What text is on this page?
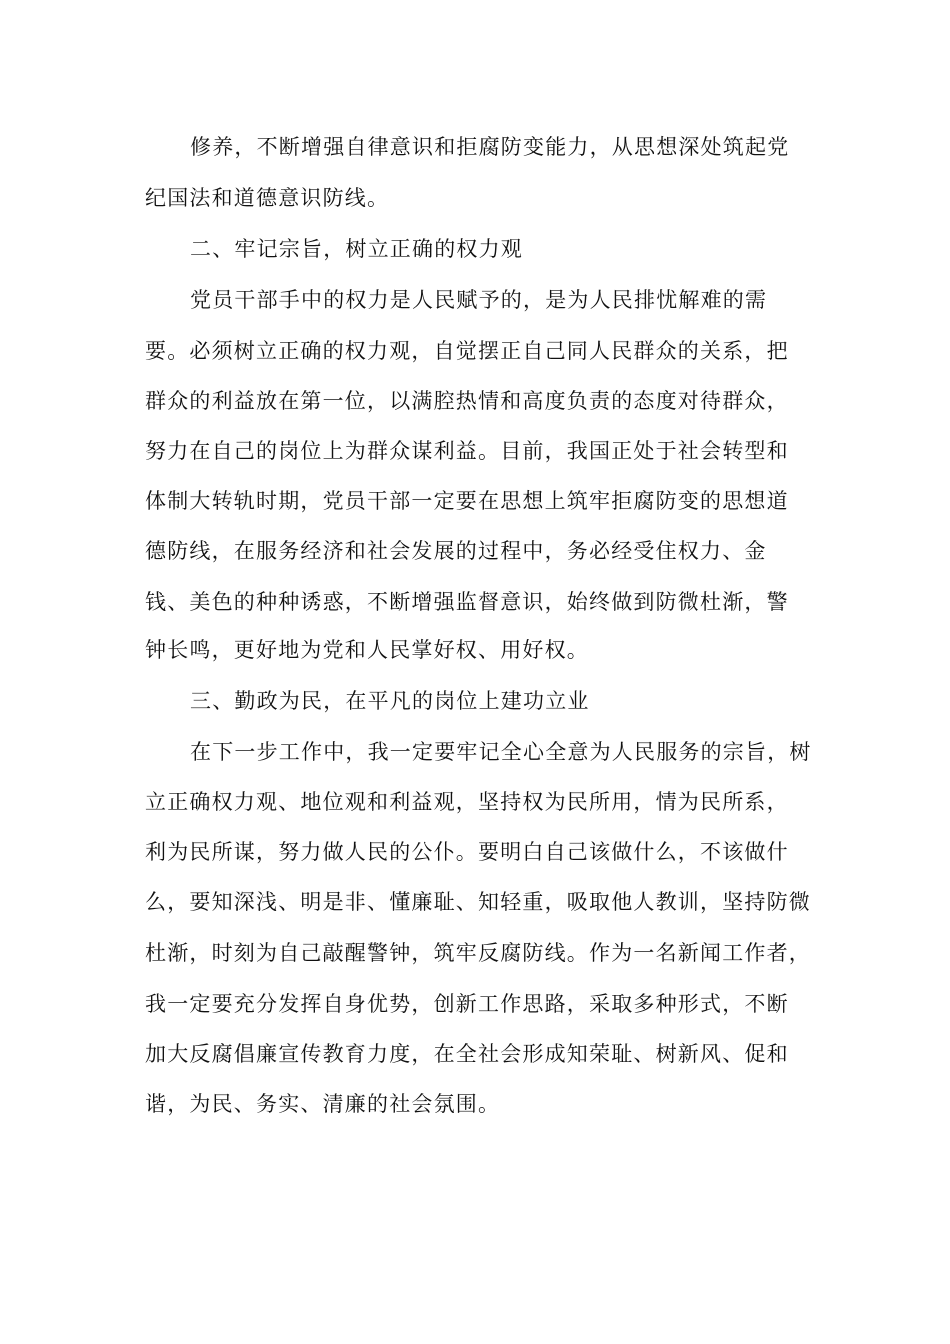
修养，不断增强自律意识和拒腐防变能力，从思想深处筑起党
纪国法和道德意识防线。
二、牢记宗旨，树立正确的权力观
党员干部手中的权力是人民赋予的，是为人民排忧解难的需
要。必须树立正确的权力观，自觉摆正自己同人民群众的关系，把
群众的利益放在第一位，以满腔热情和高度负责的态度对待群众，
努力在自己的岗位上为群众谋利益。目前，我国正处于社会转型和
体制大转轨时期，党员干部一定要在思想上筑牢拒腐防变的思想道
德防线，在服务经济和社会发展的过程中，务必经受住权力、金
钱、美色的种种诱惑，不断增强监督意识，始终做到防微杜渐，警
钟长鸣，更好地为党和人民掌好权、用好权。
三、勤政为民，在平凡的岗位上建功立业
在下一步工作中，我一定要牢记全心全意为人民服务的宗旨，树
立正确权力观、地位观和利益观，坚持权为民所用，情为民所系，
利为民所谋，努力做人民的公仆。要明白自己该做什么，不该做什
么，要知深浅、明是非、懂廉耻、知轻重，吸取他人教训，坚持防微
杜渐，时刻为自己敲醒警钟，筑牢反腐防线。作为一名新闻工作者，
我一定要充分发挥自身优势，创新工作思路，采取多种形式，不断
加大反腐倡廉宣传教育力度，在全社会形成知荣耻、树新风、促和
谐，为民、务实、清廉的社会氛围。
